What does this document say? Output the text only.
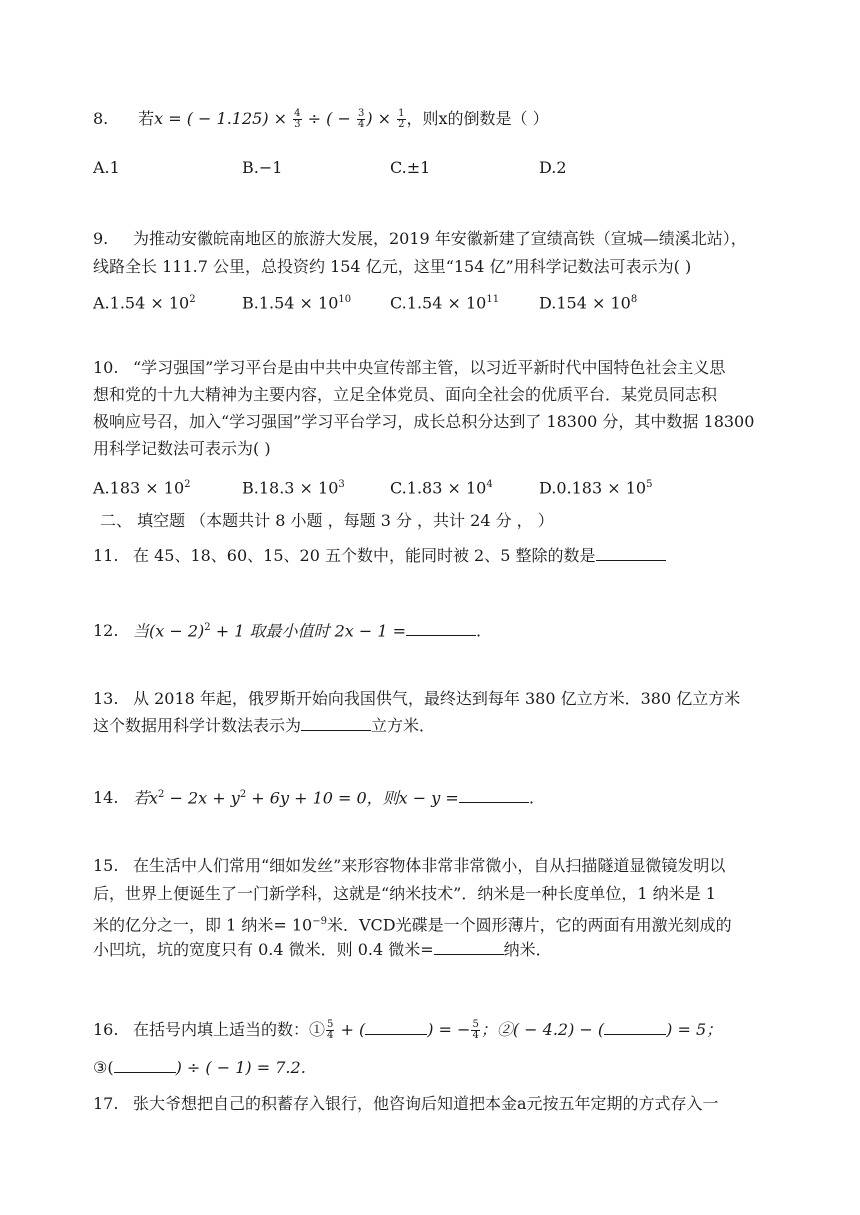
8. 若x = ( − $1.125) \times \frac{4}{3}$ ÷ ( − $\frac{3}{4}$ ) × $\frac{1}{2}$ ，则x的倒数是（ ）
A.1	B.−1	C.±1	D.2
9. 为推动安徽皖南地区的旅游大发展，2019 年安徽新建了宣绩高铁（宣城—绩溪北站），
线路全长 111.7 公里，总投资约 154 亿元，这里“154 亿”用科学记数法可表示为( )
$A.1.54 \times 10^2$	$B.1.54 \times 10^{10}$ $C.1.54 \times 10^{11}$ $D.154 \times 10^8$
10. “学习强国”学习平台是由中共中央宣传部主管，以习近平新时代中国特色社会主义思
想和党的十九大精神为主要内容，立足全体党员、面向全社会的优质平台．某党员同志积
极响应号召，加入“学习强国”学习平台学习，成长总积分达到了 18300 分，其中数据 18300
用科学记数法可表示为( )
$A.183 \times 10^2$	$B.18.3 \times 10^3$	$C.1.83 \times 10^4$	$D.0.183 \times 10^5$
二、 填空题 （本题共计 8 小题 ，每题 3 分 ，共计 24 分 ， ）
11. 在 45、18、60、15、20 五个数中，能同时被 2、5 整除的数是
12. 当$(x - 2)^2 + 1$ 取最小值时 2x − 1 =	.
13. 从 2018 年起，俄罗斯开始向我国供气，最终达到每年 380 亿立方米．380 亿立方米
这个数据用科学计数法表示为	立方米．
14. 若$x^2 - 2x + y^2 + 6y + 10 = 0$，则x − y =	.
15. 在生活中人们常用“细如发丝”来形容物体非常非常微小，自从扫描隧道显微镜发明以
后，世界上便诞生了一门新学科，这就是“纳米技术”．纳米是一种长度单位，1 纳米是 1
米的亿分之一，即 1 纳米= $10^{-9}$米．VCD光碟是一个圆形薄片，它的两面有用激光刻成的
小凹坑，坑的宽度只有 0.4 微米．则 0.4 微米=	纳米．
16. 在括号内填上适当的数：① $\frac{5}{4}$ + (	) = − $\frac{5}{4}$ ；②( − 4.2) − (	) = 5；
③(	) ÷ ( − 1) = 7.2．
17. 张大爷想把自己的积蓄存入银行，他咨询后知道把本金a元按五年定期的方式存入一
